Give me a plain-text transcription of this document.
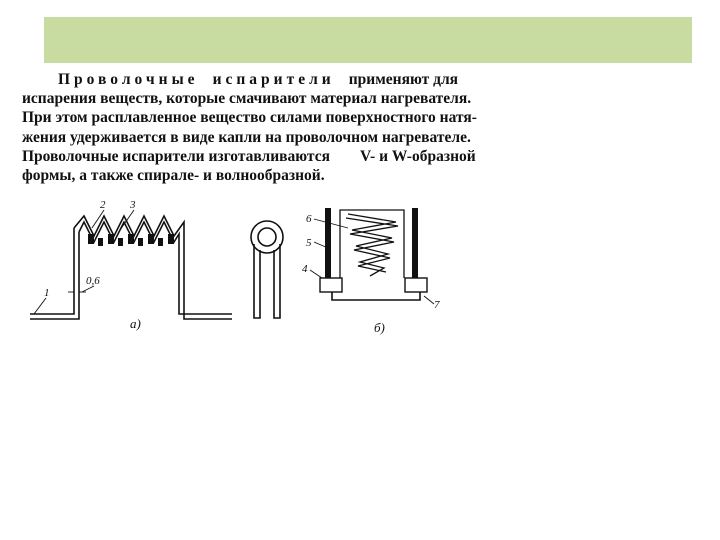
Проволочные испарители применяют для
испарения веществ, которые смачивают материал нагревателя.
При этом расплавленное вещество силами поверхностного натя-
жения удерживается в виде капли на проволочном нагревателе.
Проволочные испарители изготавливаются V- и W-образной
формы, а также спирале- и волнообразной.
1
2 3
0,6
а)
6
5
4
7
б)
